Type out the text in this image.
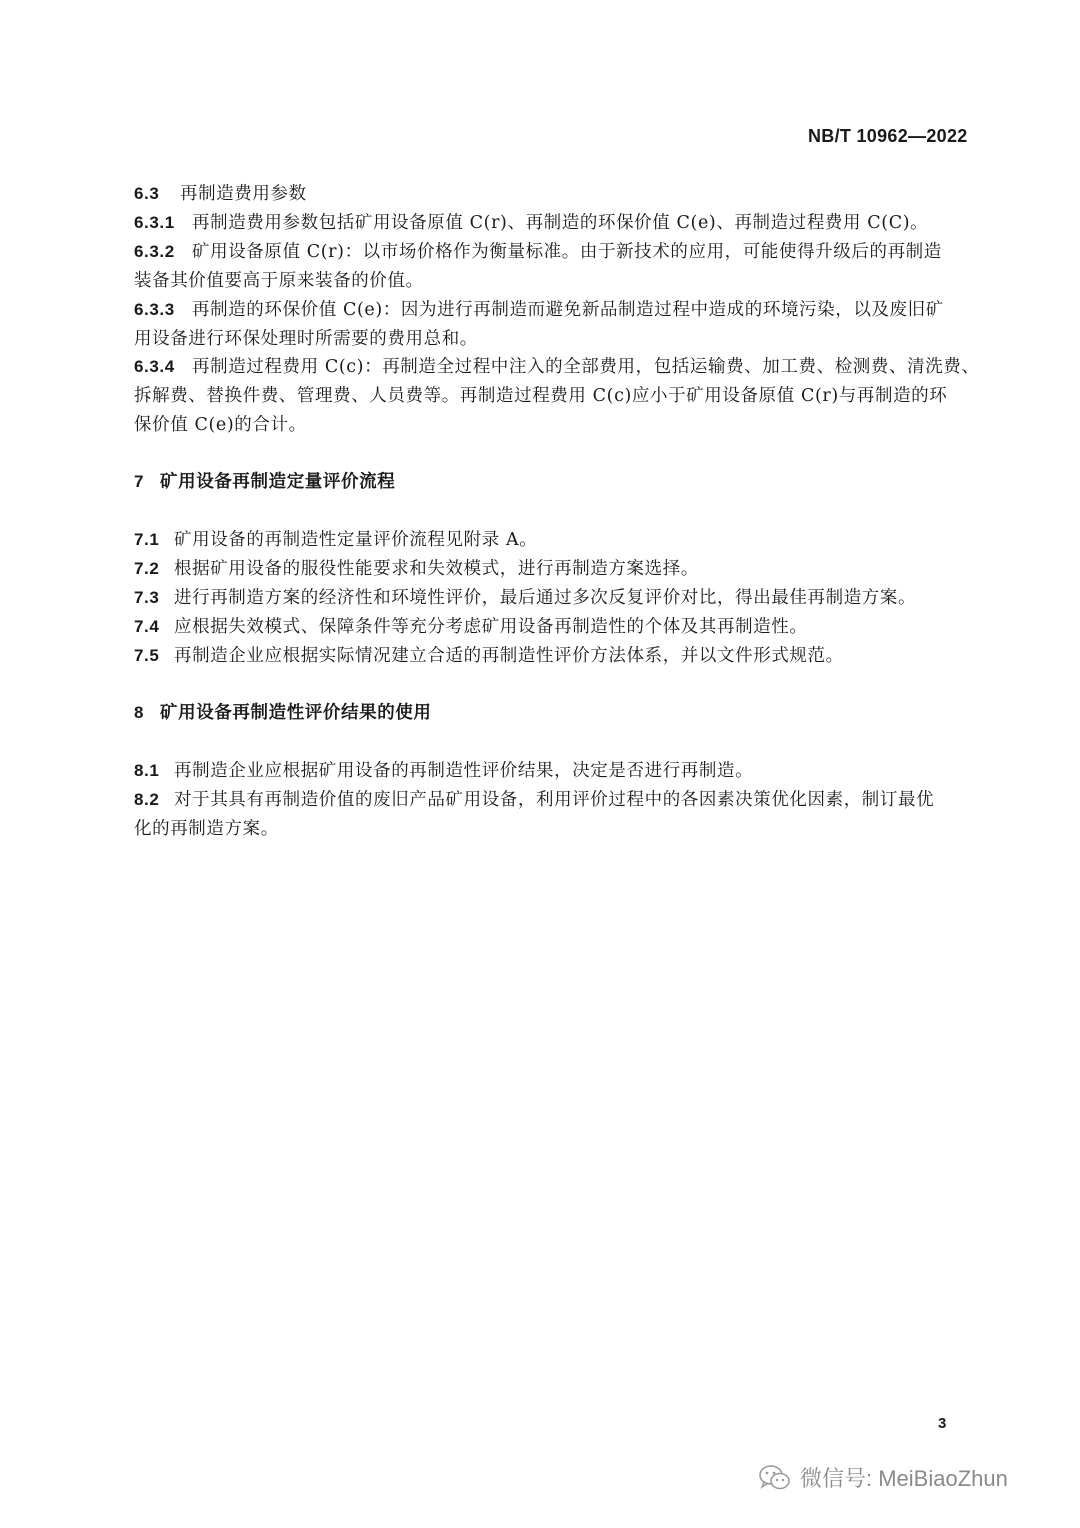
NB/T 10962—2022
6.3 再制造费用参数
6.3.1 再制造费用参数包括矿用设备原值 C(r)、再制造的环保价值 C(e)、再制造过程费用 C(C)。
6.3.2 矿用设备原值 C(r)：以市场价格作为衡量标准。由于新技术的应用，可能使得升级后的再制造
装备其价值要高于原来装备的价值。
6.3.3 再制造的环保价值 C(e)：因为进行再制造而避免新品制造过程中造成的环境污染，以及废旧矿
用设备进行环保处理时所需要的费用总和。
6.3.4 再制造过程费用 C(c)：再制造全过程中注入的全部费用，包括运输费、加工费、检测费、清洗费、
拆解费、替换件费、管理费、人员费等。再制造过程费用 C(c)应小于矿用设备原值 C(r)与再制造的环
保价值 C(e)的合计。
7 矿用设备再制造定量评价流程
7.1 矿用设备的再制造性定量评价流程见附录 A。
7.2 根据矿用设备的服役性能要求和失效模式，进行再制造方案选择。
7.3 进行再制造方案的经济性和环境性评价，最后通过多次反复评价对比，得出最佳再制造方案。
7.4 应根据失效模式、保障条件等充分考虑矿用设备再制造性的个体及其再制造性。
7.5 再制造企业应根据实际情况建立合适的再制造性评价方法体系，并以文件形式规范。
8 矿用设备再制造性评价结果的使用
8.1 再制造企业应根据矿用设备的再制造性评价结果，决定是否进行再制造。
8.2 对于其具有再制造价值的废旧产品矿用设备，利用评价过程中的各因素决策优化因素，制订最优
化的再制造方案。
3
微信号: MeiBiaoZhun
